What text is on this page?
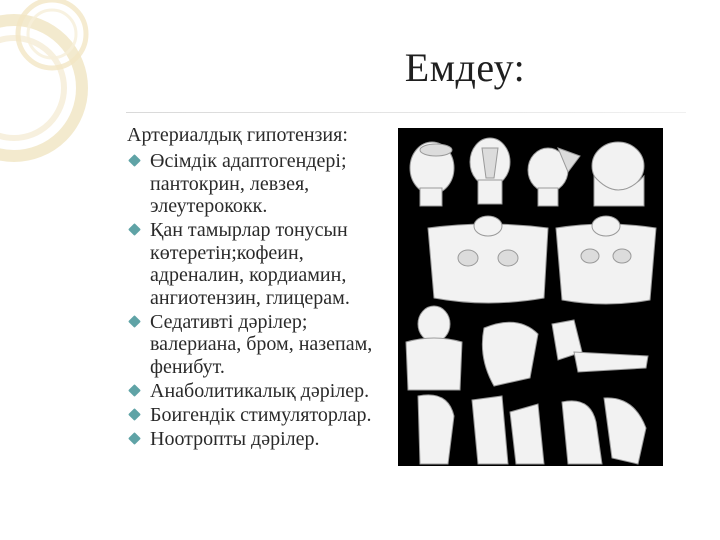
Емдеу:
Артериалдық гипотензия:
Өсімдік адаптогендері; пантокрин, левзея, элеутерококк.
Қан тамырлар тонусын көтеретін;кофеин, адреналин, кордиамин, ангиотензин, глицерам.
Седативті дәрілер; валериана, бром, назепам, фенибут.
Анаболитикалық дәрілер.
Боигендік стимуляторлар.
Ноотропты дәрілер.
